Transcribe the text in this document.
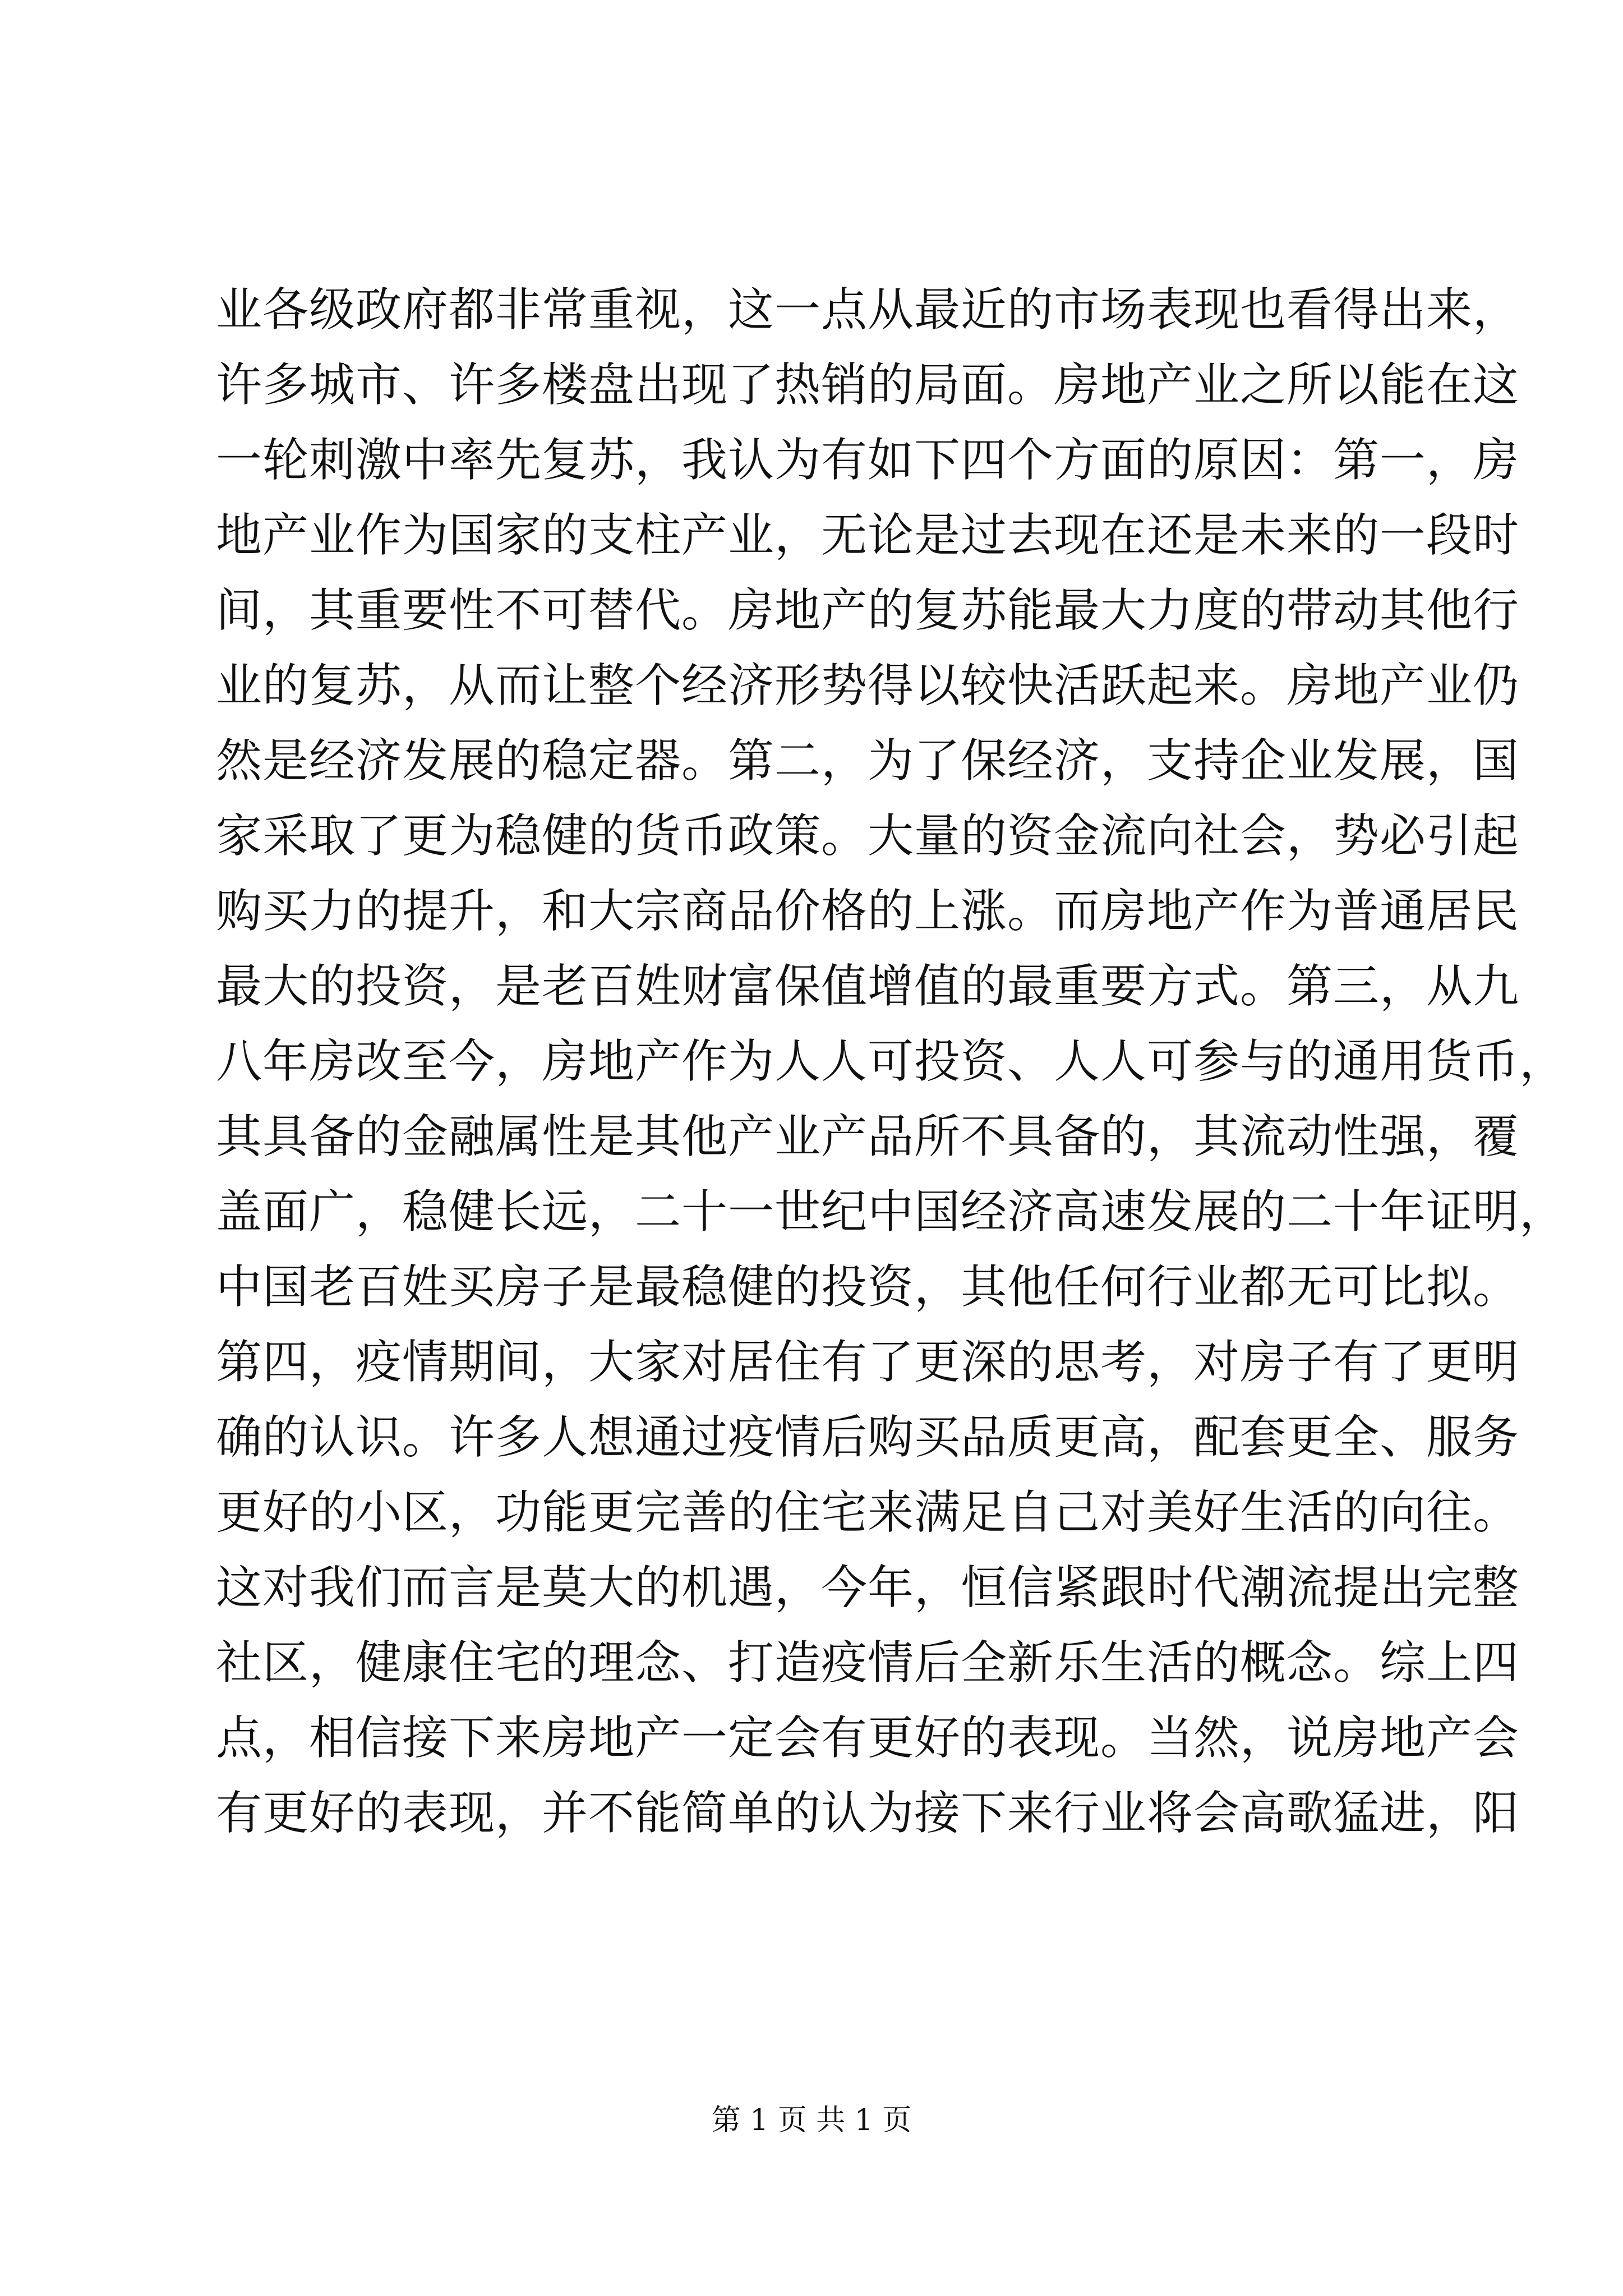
业各级政府都非常重视，这一点从最近的市场表现也看得出来，
许多城市、许多楼盘出现了热销的局面。房地产业之所以能在这
一轮刺激中率先复苏，我认为有如下四个方面的原因：第一，房
地产业作为国家的支柱产业，无论是过去现在还是未来的一段时
间，其重要性不可替代。房地产的复苏能最大力度的带动其他行
业的复苏，从而让整个经济形势得以较快活跃起来。房地产业仍
然是经济发展的稳定器。第二，为了保经济，支持企业发展，国
家采取了更为稳健的货币政策。大量的资金流向社会，势必引起
购买力的提升，和大宗商品价格的上涨。而房地产作为普通居民
最大的投资，是老百姓财富保值增值的最重要方式。第三，从九
八年房改至今，房地产作为人人可投资、人人可参与的通用货币，
其具备的金融属性是其他产业产品所不具备的，其流动性强，覆
盖面广，稳健长远，二十一世纪中国经济高速发展的二十年证明，
中国老百姓买房子是最稳健的投资，其他任何行业都无可比拟。
第四，疫情期间，大家对居住有了更深的思考，对房子有了更明
确的认识。许多人想通过疫情后购买品质更高，配套更全、服务
更好的小区，功能更完善的住宅来满足自己对美好生活的向往。
这对我们而言是莫大的机遇，今年，恒信紧跟时代潮流提出完整
社区，健康住宅的理念、打造疫情后全新乐生活的概念。综上四
点，相信接下来房地产一定会有更好的表现。当然，说房地产会
有更好的表现，并不能简单的认为接下来行业将会高歌猛进，阳
第 1 页 共 1 页
